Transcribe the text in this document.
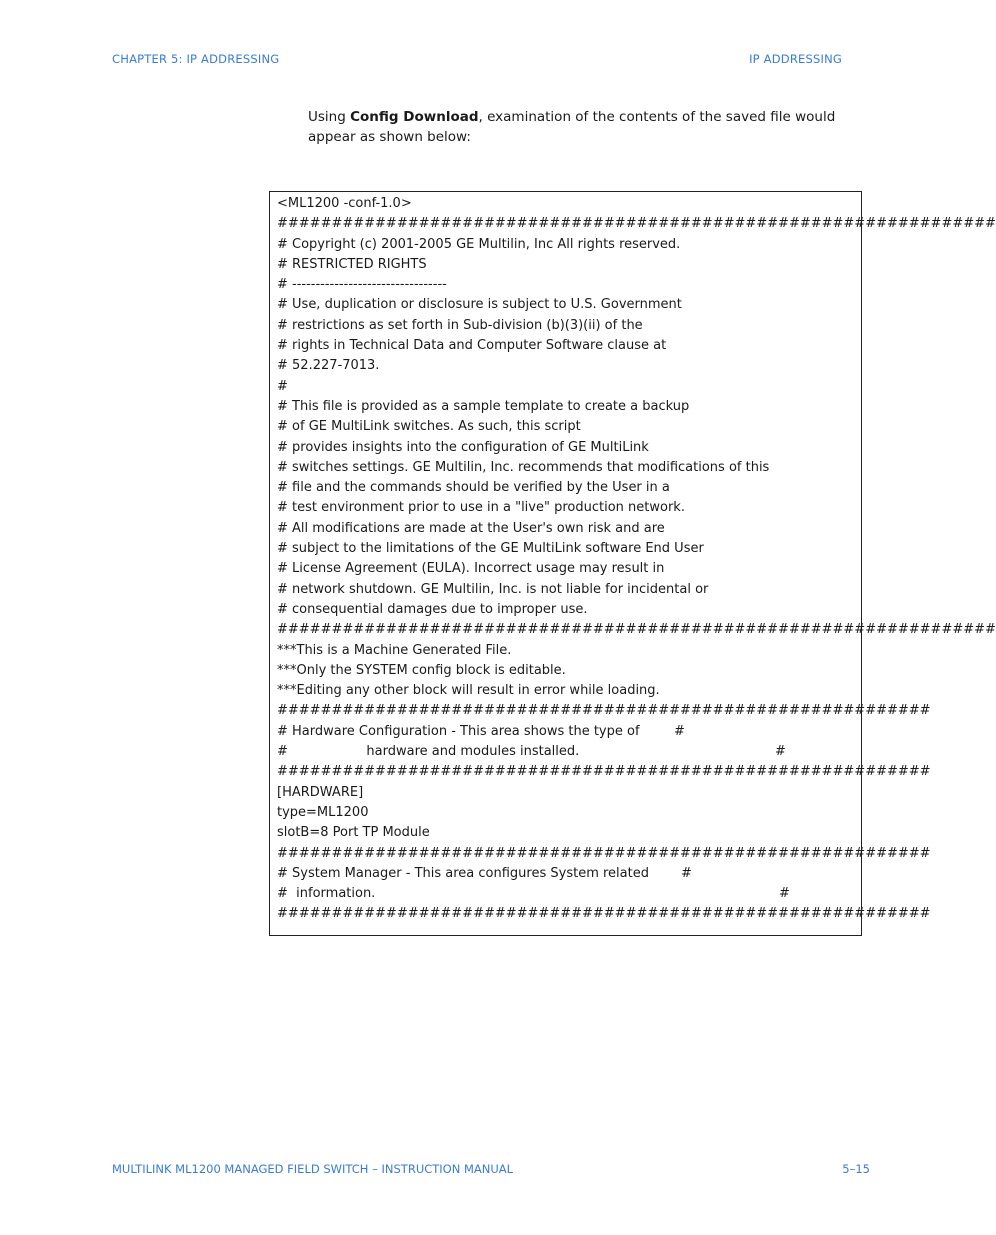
CHAPTER 5: IP ADDRESSING	IP ADDRESSING

Using Config Download, examination of the contents of the saved file would appear as shown below:

<ML1200 -conf-1.0>
##################################################################
# Copyright (c) 2001-2005 GE Multilin, Inc All rights reserved.
# RESTRICTED RIGHTS
# ---------------------------------
# Use, duplication or disclosure is subject to U.S. Government
# restrictions as set forth in Sub-division (b)(3)(ii) of the
# rights in Technical Data and Computer Software clause at
# 52.227-7013.
#
# This file is provided as a sample template to create a backup
# of GE MultiLink switches. As such, this script
# provides insights into the configuration of GE MultiLink
# switches settings. GE Multilin, Inc. recommends that modifications of this
# file and the commands should be verified by the User in a
# test environment prior to use in a "live" production network.
# All modifications are made at the User's own risk and are
# subject to the limitations of the GE MultiLink software End User
# License Agreement (EULA). Incorrect usage may result in
# network shutdown. GE Multilin, Inc. is not liable for incidental or
# consequential damages due to improper use.
##################################################################
***This is a Machine Generated File.
***Only the SYSTEM config block is editable.
***Editing any other block will result in error while loading.
############################################################
# Hardware Configuration - This area shows the type of	#
#                   hardware and modules installed.	#
############################################################
[HARDWARE]
type=ML1200
slotB=8 Port TP Module
############################################################
# System Manager - This area configures System related #
#  information.	#
############################################################
MULTILINK ML1200 MANAGED FIELD SWITCH – INSTRUCTION MANUAL	5–15
